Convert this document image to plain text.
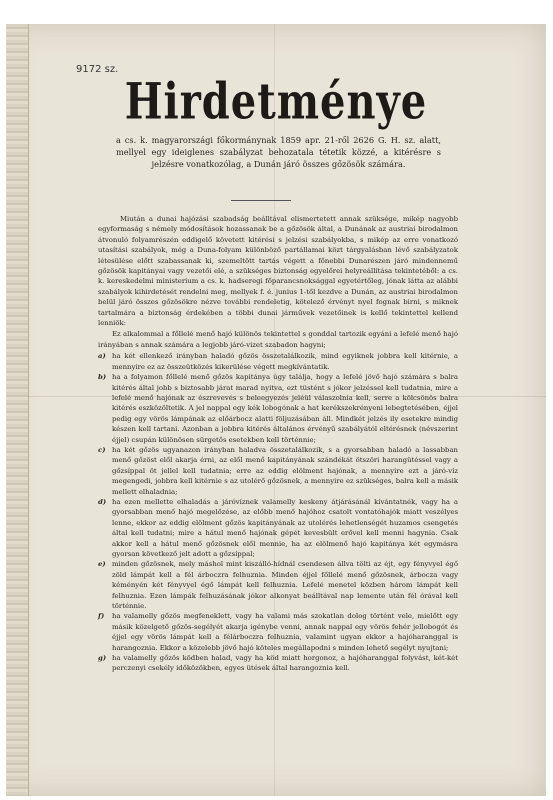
9172 sz.
Hirdetménye
a cs. k. magyarországi főkormánynak 1859 apr. 21-ről 2626 G. H. sz. alatt, mellyel egy ideiglenes szabályzat behozatala tétetik közzé, a kitérésre s jelzésre vonatkozólag, a Dunán járó összes gőzösök számára.

Miután a dunai hajózási szabadság beálltával elismertetett annak szüksége, mikép nagyobb egyformaság s némely módosítások hozassanak be a gőzösök által, a Dunának az austriai birodalmon átvonuló folyamrészén eddigelő követett kitérési s jelzési szabályokba, s mikép az erre vonatkozó utasítási szabályok, még a Duna-folyam különböző partállamai közt tárgyalásban lévő szabályzatok létesülése előtt szabassanak ki, szemeltött tartás végett a főnebbi Dunarészen járó mindennemű gőzösök kapitányai vagy vezetői elé, a szükséges biztonság egyelőrei helyreállítása tekintetéből: a cs. k. kereskedelmi ministerium a cs. k. hadseregi főparancsnoksággal egyetértőleg, jónak látta az alábbi szabályok kihirdetését rendelni meg, mellyek f. é. junius 1-től kezdve a Dunán, az austriai birodalmon belül járó összes gőzösökre nézve további rendeletig, kötelező érvényt nyel fognak birni, s miknek tartalmára a biztonság érdekében a többi dunai járművek vezetőinek is kellő tekintettel kellend lenniök:

Ez alkalommal a főllelé menő hajó különös tekintettel s gonddal tartozik egyáni a lefelé menő hajó irányában s annak számára a legjobb járó-vizet szabadon hagyni;

a) ha két ellenkező irányban haladó gőzös összetalálkozik, mind egyiknek jobbra kell kitérnie, a mennyire ez az összeütközés kikerülése végett megkívántatik.
b) ha a folyamon főllelé menő gőzös kapitánya úgy találja, hogy a lefelé jövő hajó számára s balra kitérés által jobb s biztosabb járat marad nyitva, ezt tüstént s jókor jelzéssel kell tudatnia, mire a lefelé menő hajónak az észrevevés s beleegyezés jeléül válaszolnia kell, serre a kölcsönös balra kitérés eszközöltetik. A jel nappal egy kék lobogónak a hat kerékszekrényeni lebegtetésében, éjjel pedig egy vörös lámpának az előárbocz alatti följuzásában áll. Mindkét jelzés ily esetekre mindig készen kell tartani. Azonban a jobbra kitérés általános érvényű szabályától eltérésnek (névszerint éjjel) csupán különösen sürgetős esetekben kell történnie;
c) ha két gőzös ugyanazon irányban haladva összetalálkozik, s a gyorsabban haladó a lassabban menő gőzöst elől akarja érni, az elől menő kapitányának szándékát ötszöri harangütéssel vagy a gőzsíppal öt jellel kell tudatnia; erre az eddig elölment hajónak, a mennyire ezt a járó-víz megengedi, jobbra kell kitérnie s az utolérő gőzösnek, a mennyire ez szükséges, balra kell a másik mellett elhaladnia;
d) ha ezen mellette elhaladás a járóvíznek valamelly keskeny átjárásánál kívántatnék, vagy ha a gyorsabban menő hajó megelőzése, az előbb menő hajóhoz csatolt vontatóhajók miatt veszélyes lenne, ekkor az eddig elölment gőzös kapitányának az utolérés lehetlenségét huzamos csengetés által kell tudatni; mire a hátul menő hajónak gépét kevesbült erővel kell menni hagynia. Csak akkor kell a hátul menő gőzösnek elől mennie, ha az elölmenő hajó kapitánya két egymásra gyorsan következő jelt adott a gőzsíppal;
e) minden gőzösnek, mely máshol mint kiszálló-hídnál csendesen állva tölti az éjt, egy fényvyel égő zöld lámpát kell a fél árboczra felhuznia. Minden éjjel főllelé menő gőzösnek, árbocza vagy kéményén két fényvyel égő lámpát kell felhuznia. Lefelé menetel közben három lámpát kell felhuznia. Ezen lámpák felhuzásának jókor alkonyat beálltával nap lemente után fél órával kell történnie.
f)	ha valamelly gőzös megfeneklett, vagy ha valami más szokatlan dolog történt vele, mielőtt egy másik közelgető gőzös-segélyét akarja igénybe venni, annak nappal egy vörös fehér jellobogót és éjjel egy vörös lámpát kell a félárboczra felhuznia, valamint ugyan ekkor a hajóharanggal is harangoznia. Ekkor a közelebb jövő hajó köteles megállapodni s minden lehető segélyt nyujtani;
g) ha valamelly gőzös ködben halad, vagy ha köd miatt horgonoz, a hajóharanggal folyvást, két-két perczenyi csekély időközökben, egyes ütések által harangoznia kell.
